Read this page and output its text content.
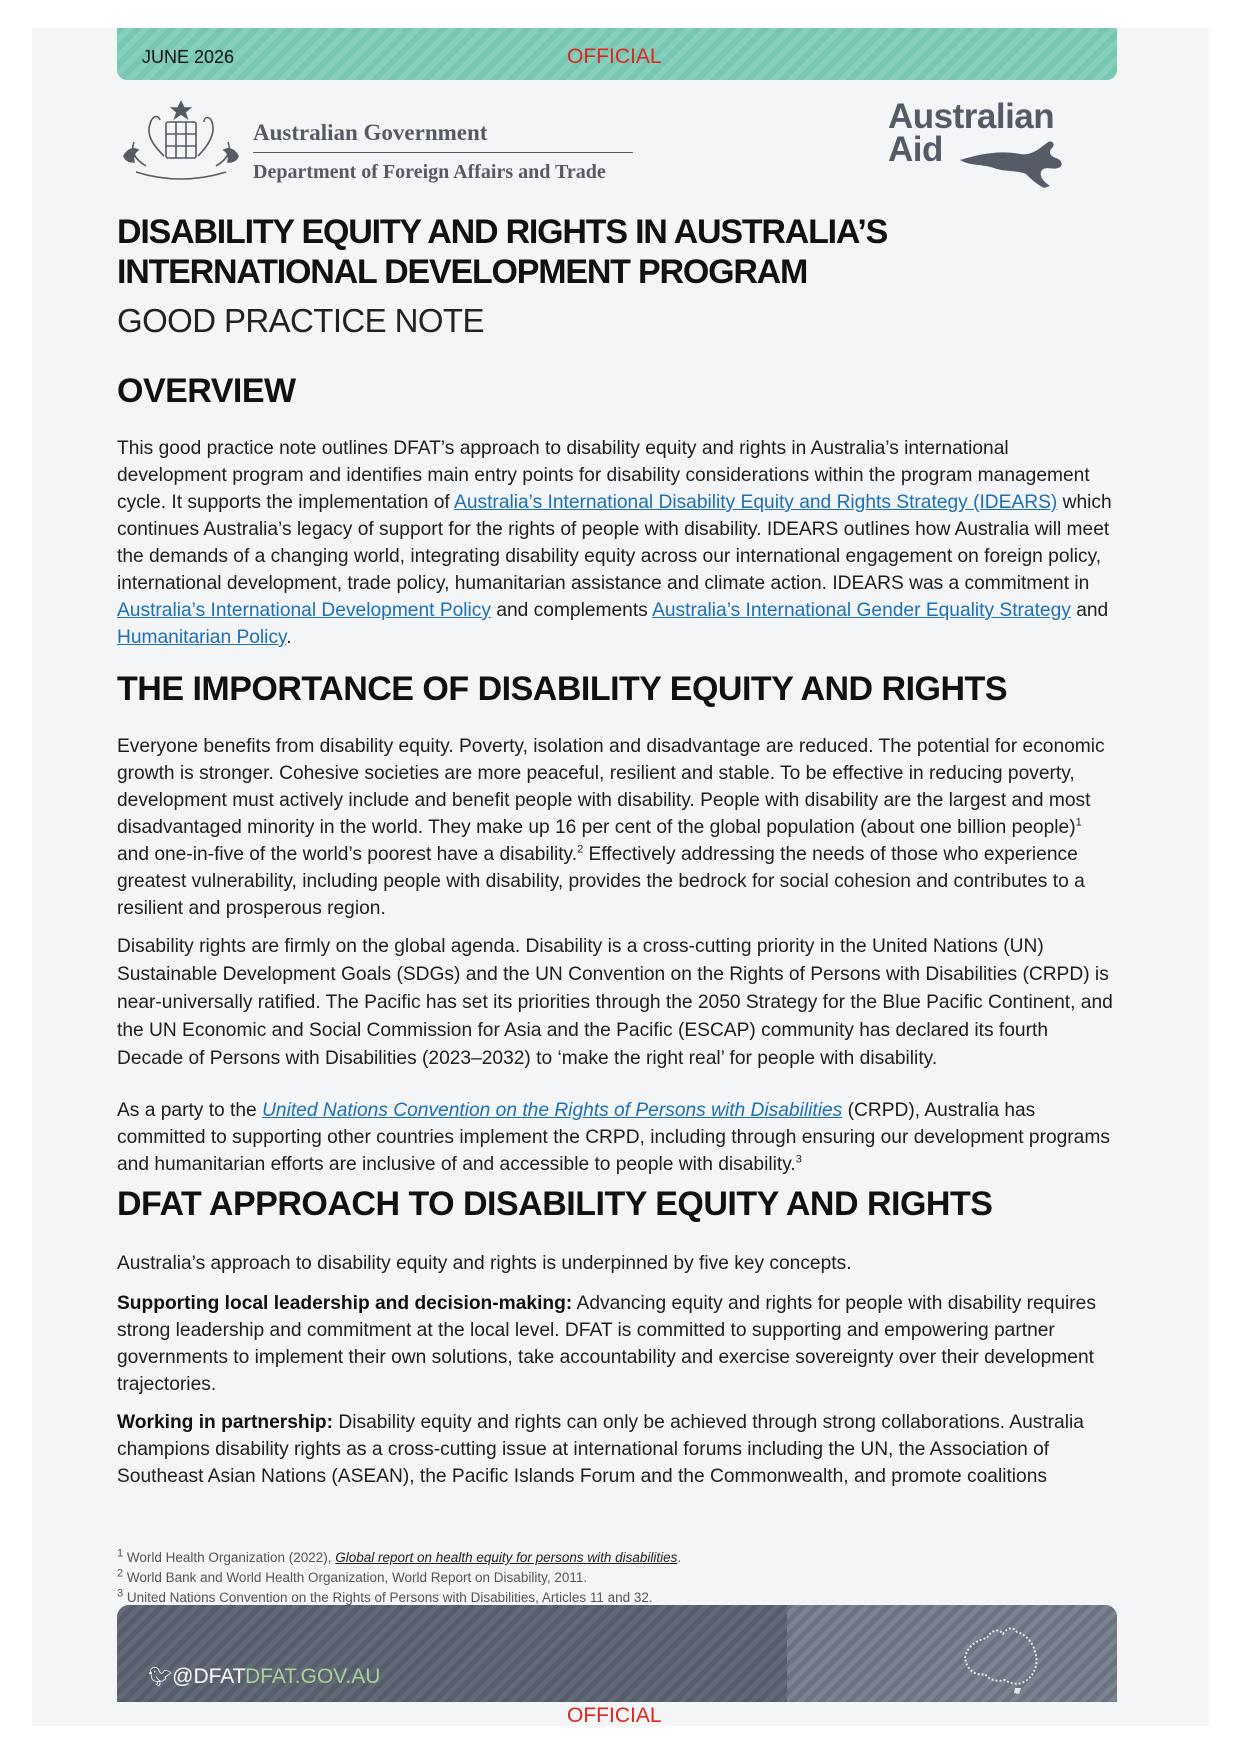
JUNE 2026	OFFICIAL
Australian Government
Department of Foreign Affairs and Trade
Australian
Aid
DISABILITY EQUITY AND RIGHTS IN AUSTRALIA’S
INTERNATIONAL DEVELOPMENT PROGRAM
GOOD PRACTICE NOTE
OVERVIEW

This good practice note outlines DFAT’s approach to disability equity and rights in Australia’s international development program and identifies main entry points for disability considerations within the program management cycle. It supports the implementation of Australia’s International Disability Equity and Rights Strategy (IDEARS) which continues Australia’s legacy of support for the rights of people with disability. IDEARS outlines how Australia will meet the demands of a changing world, integrating disability equity across our international engagement on foreign policy, international development, trade policy, humanitarian assistance and climate action. IDEARS was a commitment in Australia’s International Development Policy and complements Australia’s International Gender Equality Strategy and Humanitarian Policy.

THE IMPORTANCE OF DISABILITY EQUITY AND RIGHTS

Everyone benefits from disability equity. Poverty, isolation and disadvantage are reduced. The potential for economic growth is stronger. Cohesive societies are more peaceful, resilient and stable. To be effective in reducing poverty, development must actively include and benefit people with disability. People with disability are the largest and most disadvantaged minority in the world. They make up 16 per cent of the global population (about one billion people)$^1$ and one-in-five of the world’s poorest have a disability.$^2$ Effectively addressing the needs of those who experience greatest vulnerability, including people with disability, provides the bedrock for social cohesion and contributes to a resilient and prosperous region.

Disability rights are firmly on the global agenda. Disability is a cross-cutting priority in the United Nations (UN) Sustainable Development Goals (SDGs) and the UN Convention on the Rights of Persons with Disabilities (CRPD) is near-universally ratified. The Pacific has set its priorities through the 2050 Strategy for the Blue Pacific Continent, and the UN Economic and Social Commission for Asia and the Pacific (ESCAP) community has declared its fourth Decade of Persons with Disabilities (2023–2032) to ‘make the right real’ for people with disability.

As a party to the United Nations Convention on the Rights of Persons with Disabilities (CRPD), Australia has committed to supporting other countries implement the CRPD, including through ensuring our development programs and humanitarian efforts are inclusive of and accessible to people with disability.$^3$

DFAT APPROACH TO DISABILITY EQUITY AND RIGHTS

Australia’s approach to disability equity and rights is underpinned by five key concepts.

Supporting local leadership and decision-making: Advancing equity and rights for people with disability requires strong leadership and commitment at the local level. DFAT is committed to supporting and empowering partner governments to implement their own solutions, take accountability and exercise sovereignty over their development trajectories.

Working in partnership: Disability equity and rights can only be achieved through strong collaborations. Australia champions disability rights as a cross-cutting issue at international forums including the UN, the Association of Southeast Asian Nations (ASEAN), the Pacific Islands Forum and the Commonwealth, and promote coalitions

$^1$ World Health Organization (2022), Global report on health equity for persons with disabilities.
$^2$ World Bank and World Health Organization, World Report on Disability, 2011.
$^3$ United Nations Convention on the Rights of Persons with Disabilities, Articles 11 and 32.
🐦︎@DFAT DFAT.GOV.AU
OFFICIAL
